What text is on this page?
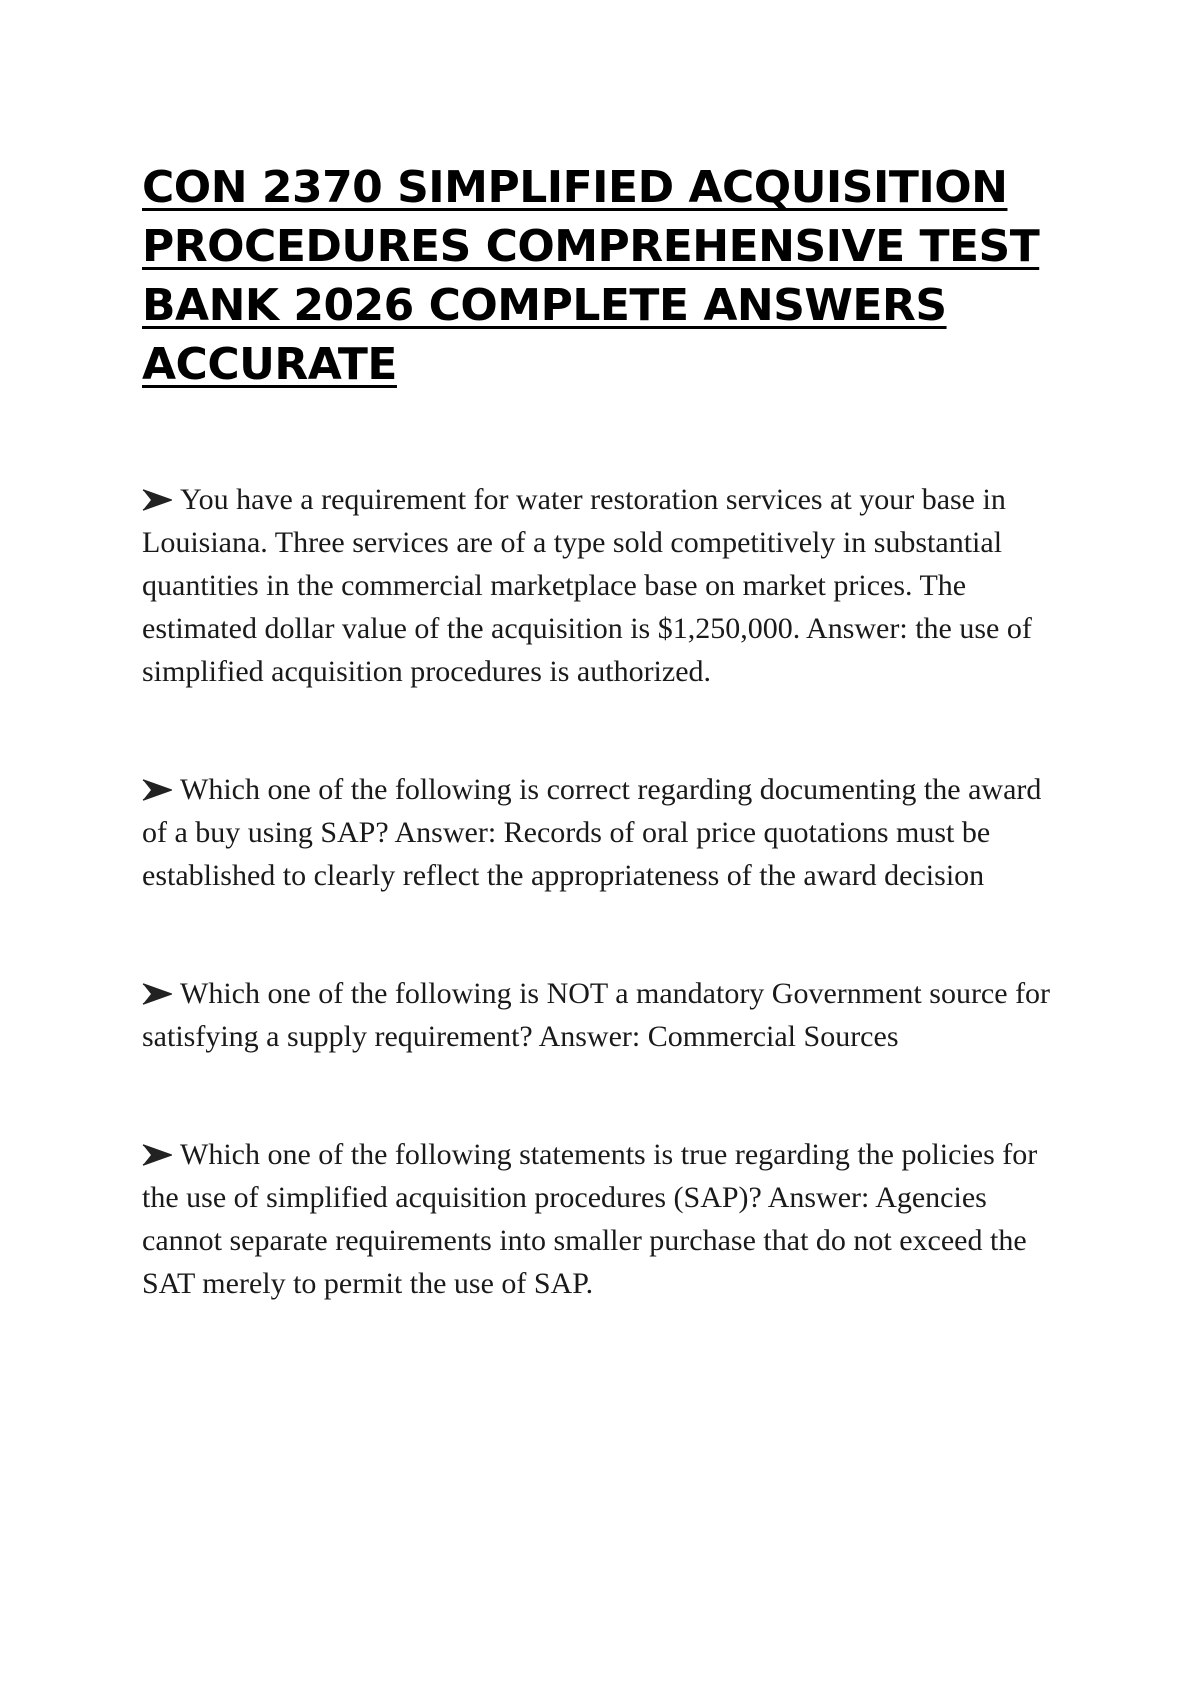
CON 2370 SIMPLIFIED ACQUISITION PROCEDURES COMPREHENSIVE TEST BANK 2026 COMPLETE ANSWERS ACCURATE
You have a requirement for water restoration services at your base in Louisiana. Three services are of a type sold competitively in substantial quantities in the commercial marketplace base on market prices. The estimated dollar value of the acquisition is $1,250,000. Answer: the use of simplified acquisition procedures is authorized.
Which one of the following is correct regarding documenting the award of a buy using SAP? Answer: Records of oral price quotations must be established to clearly reflect the appropriateness of the award decision
Which one of the following is NOT a mandatory Government source for satisfying a supply requirement? Answer: Commercial Sources
Which one of the following statements is true regarding the policies for the use of simplified acquisition procedures (SAP)? Answer: Agencies cannot separate requirements into smaller purchase that do not exceed the SAT merely to permit the use of SAP.
